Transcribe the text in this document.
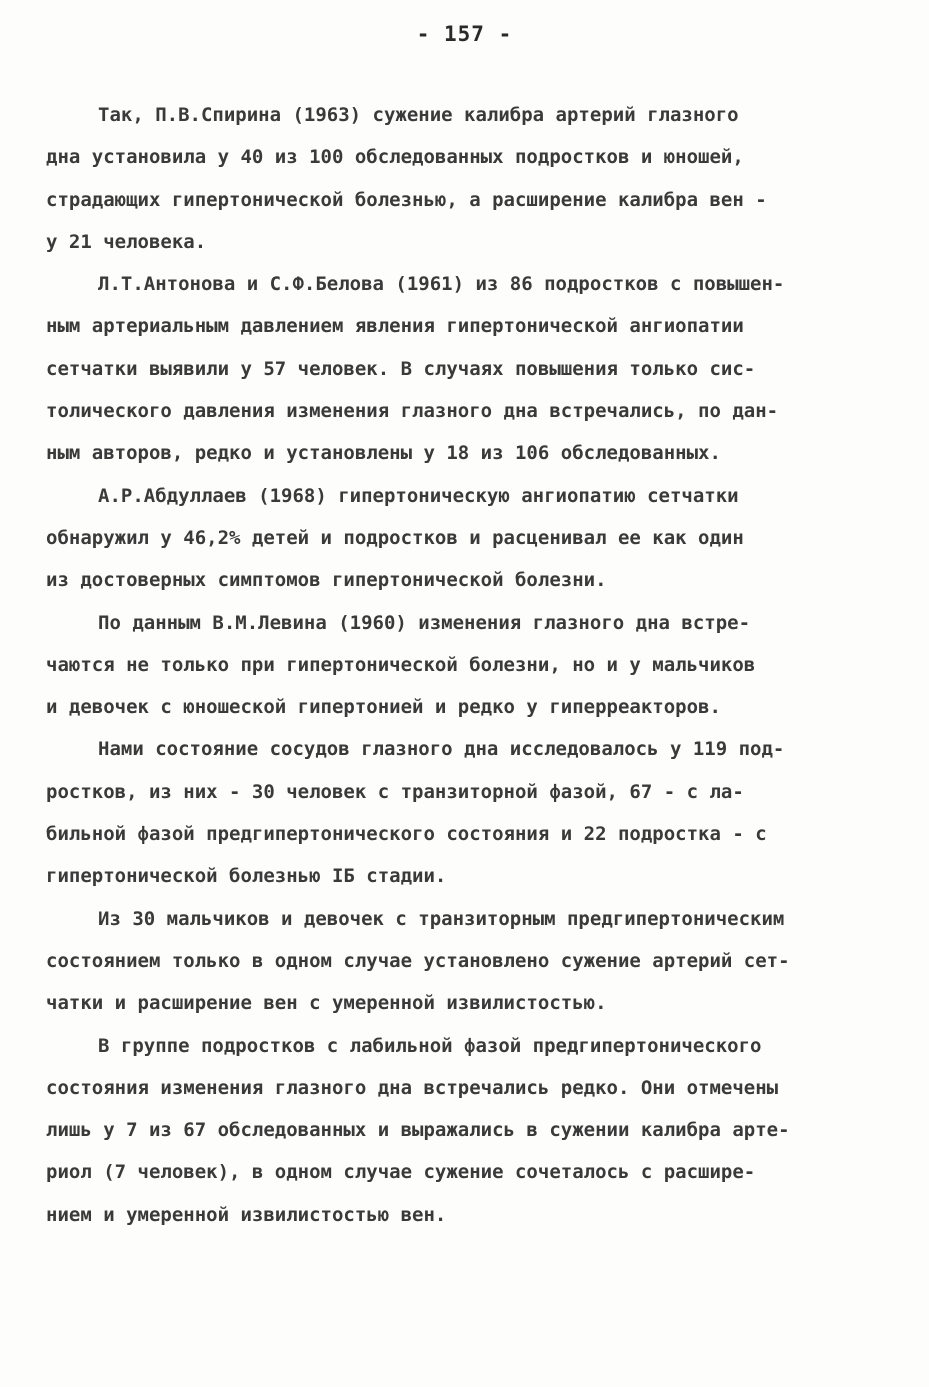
- 157 -
Так, П.В.Спирина (1963) сужение калибра артерий глазного
дна установила у 40 из 100 обследованных подростков и юношей,
страдающих гипертонической болезнью, а расширение калибра вен -
у 21 человека.
Л.Т.Антонова и С.Ф.Белова (1961) из 86 подростков с повышен-
ным артериальным давлением явления гипертонической ангиопатии
сетчатки выявили у 57 человек. В случаях повышения только сис-
толического давления изменения глазного дна встречались, по дан-
ным авторов, редко и установлены у 18 из 106 обследованных.
А.Р.Абдуллаев (1968) гипертоническую ангиопатию сетчатки
обнаружил у 46,2% детей и подростков и расценивал ее как один
из достоверных симптомов гипертонической болезни.
По данным В.М.Левина (1960) изменения глазного дна встре-
чаются не только при гипертонической болезни, но и у мальчиков
и девочек с юношеской гипертонией и редко у гиперреакторов.
Нами состояние сосудов глазного дна исследовалось у 119 под-
ростков, из них - 30 человек с транзиторной фазой, 67 - с ла-
бильной фазой предгипертонического состояния и 22 подростка - с
гипертонической болезнью IБ стадии.
Из 30 мальчиков и девочек с транзиторным предгипертоническим
состоянием только в одном случае установлено сужение артерий сет-
чатки и расширение вен с умеренной извилистостью.
В группе подростков с лабильной фазой предгипертонического
состояния изменения глазного дна встречались редко. Они отмечены
лишь у 7 из 67 обследованных и выражались в сужении калибра арте-
риол (7 человек), в одном случае сужение сочеталось с расшире-
нием и умеренной извилистостью вен.
